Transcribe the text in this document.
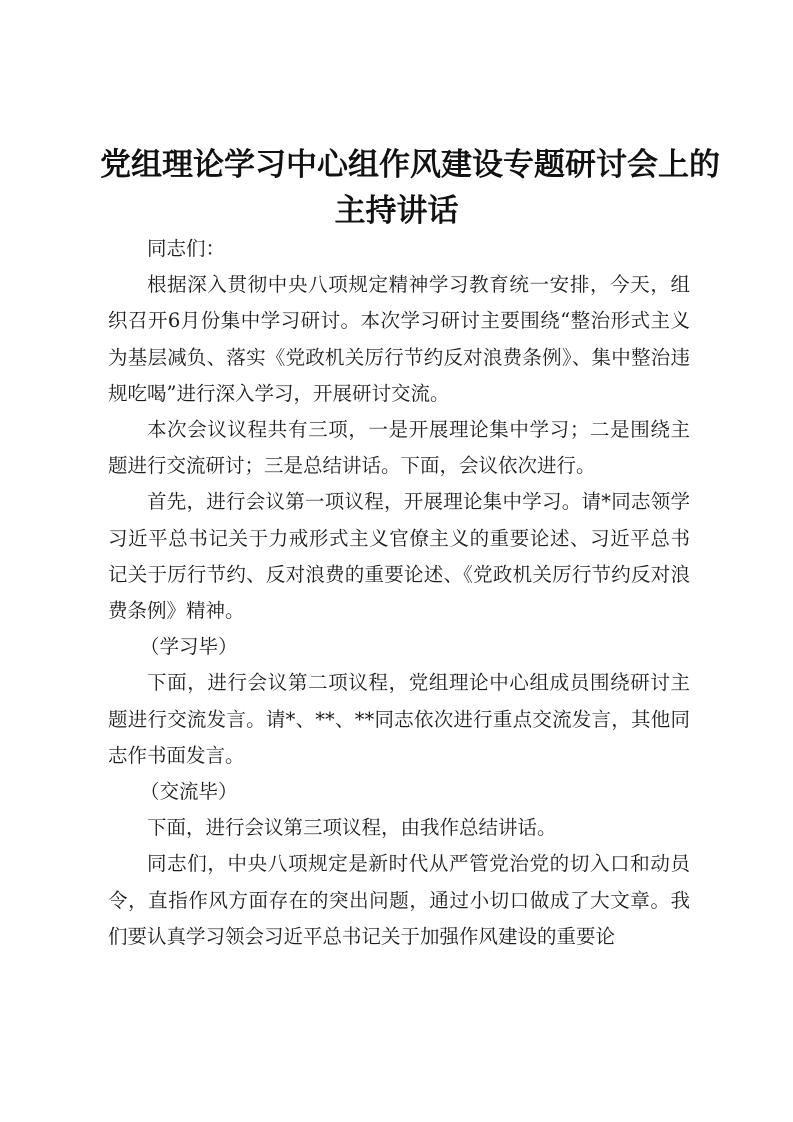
党组理论学习中心组作风建设专题研讨会上的
主持讲话

同志们：

根据深入贯彻中央八项规定精神学习教育统一安排，今天，组织召开6月份集中学习研讨。本次学习研讨主要围绕“整治形式主义为基层减负、落实《党政机关厉行节约反对浪费条例》、集中整治违规吃喝”进行深入学习，开展研讨交流。

本次会议议程共有三项，一是开展理论集中学习；二是围绕主题进行交流研讨；三是总结讲话。下面，会议依次进行。

首先，进行会议第一项议程，开展理论集中学习。请*同志领学习近平总书记关于力戒形式主义官僚主义的重要论述、习近平总书记关于厉行节约、反对浪费的重要论述、《党政机关厉行节约反对浪费条例》精神。

（学习毕）

下面，进行会议第二项议程，党组理论中心组成员围绕研讨主题进行交流发言。请*、**、**同志依次进行重点交流发言，其他同志作书面发言。

（交流毕）

下面，进行会议第三项议程，由我作总结讲话。

同志们，中央八项规定是新时代从严管党治党的切入口和动员令，直指作风方面存在的突出问题，通过小切口做成了大文章。我们要认真学习领会习近平总书记关于加强作风建设的重要论
